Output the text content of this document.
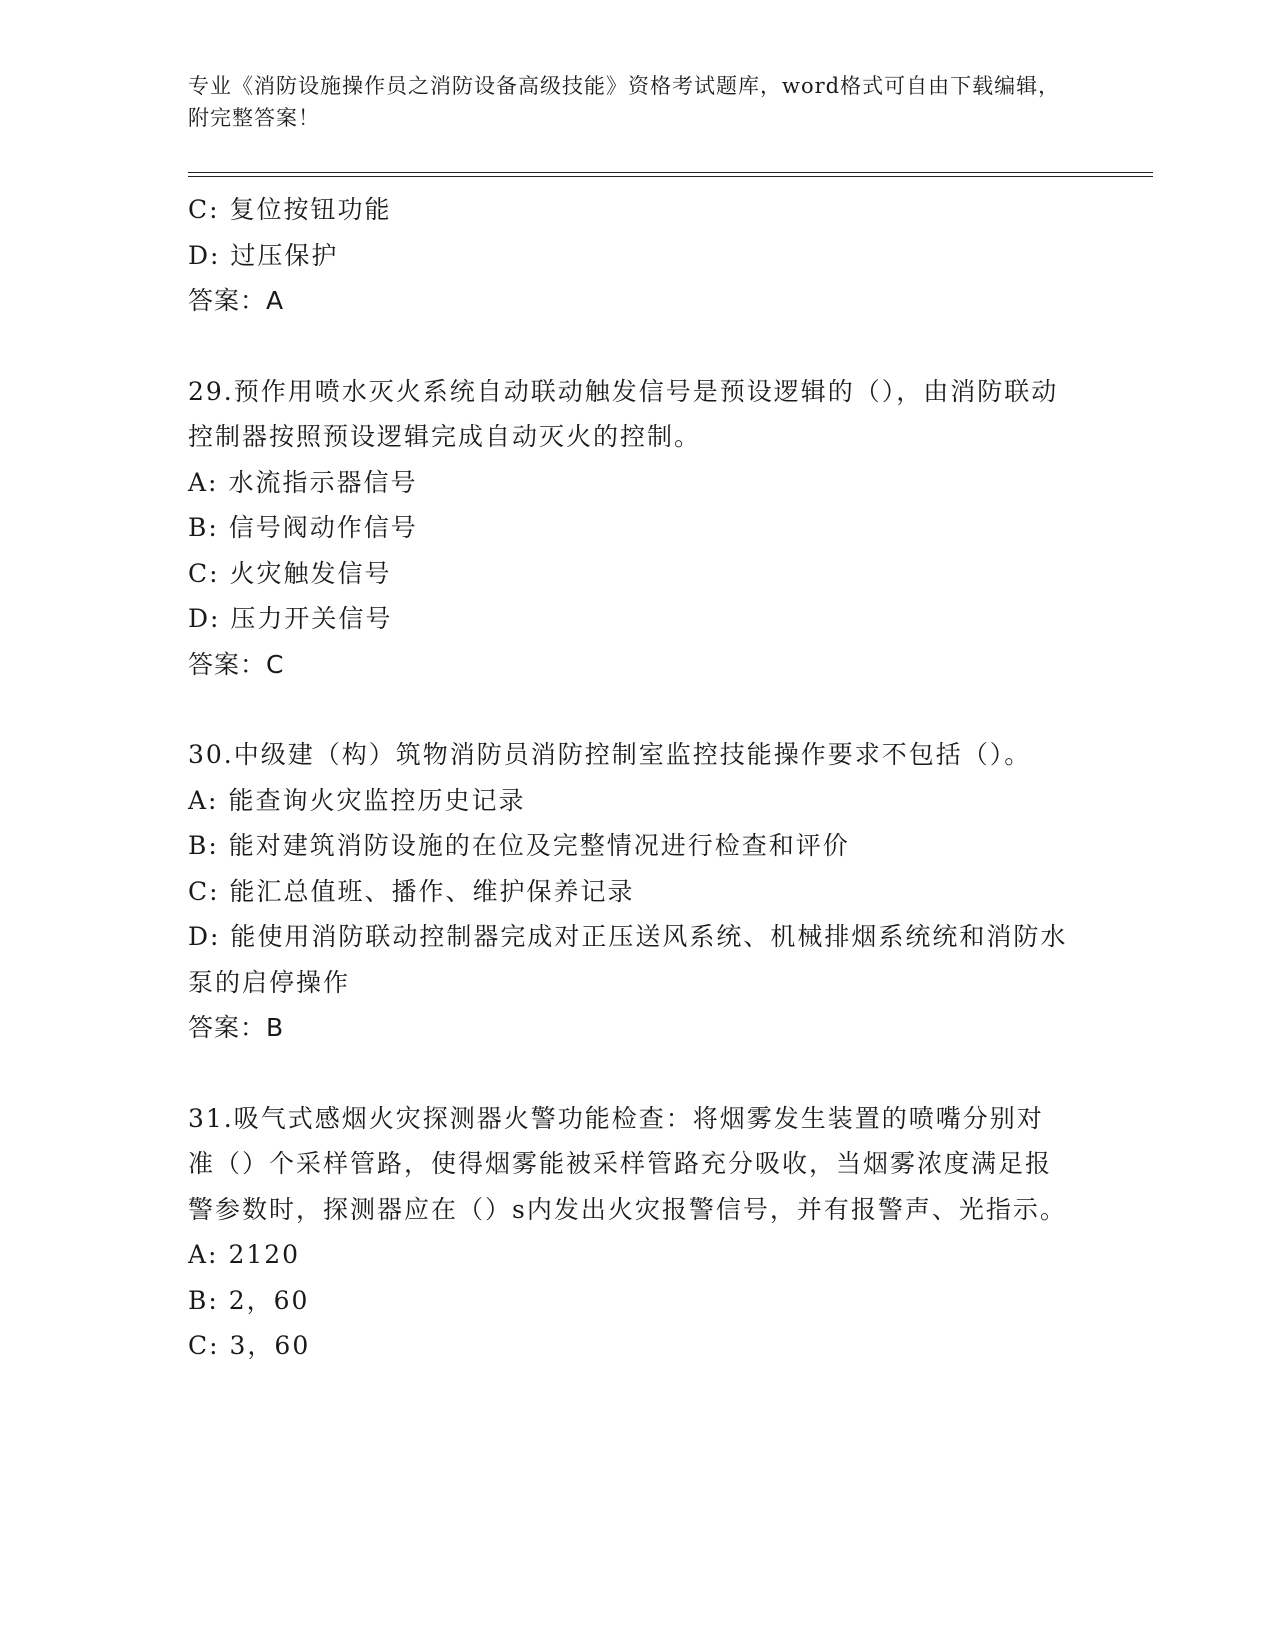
专业《消防设施操作员之消防设备高级技能》资格考试题库，word格式可自由下载编辑，附完整答案！

C: 复位按钮功能

D: 过压保护

答案：A

29.预作用喷水灭火系统自动联动触发信号是预设逻辑的（），由消防联动控制器按照预设逻辑完成自动灭火的控制。

A: 水流指示器信号

B: 信号阀动作信号

C: 火灾触发信号

D: 压力开关信号

答案：C

30.中级建（构）筑物消防员消防控制室监控技能操作要求不包括（）。

A: 能查询火灾监控历史记录

B: 能对建筑消防设施的在位及完整情况进行检查和评价

C: 能汇总值班、播作、维护保养记录

D: 能使用消防联动控制器完成对正压送风系统、机械排烟系统统和消防水泵的启停操作

答案：B

31.吸气式感烟火灾探测器火警功能检查：将烟雾发生装置的喷嘴分别对准（）个采样管路，使得烟雾能被采样管路充分吸收，当烟雾浓度满足报警参数时，探测器应在（）s内发出火灾报警信号，并有报警声、光指示。

A: 2120

B: 2，60

C: 3，60
